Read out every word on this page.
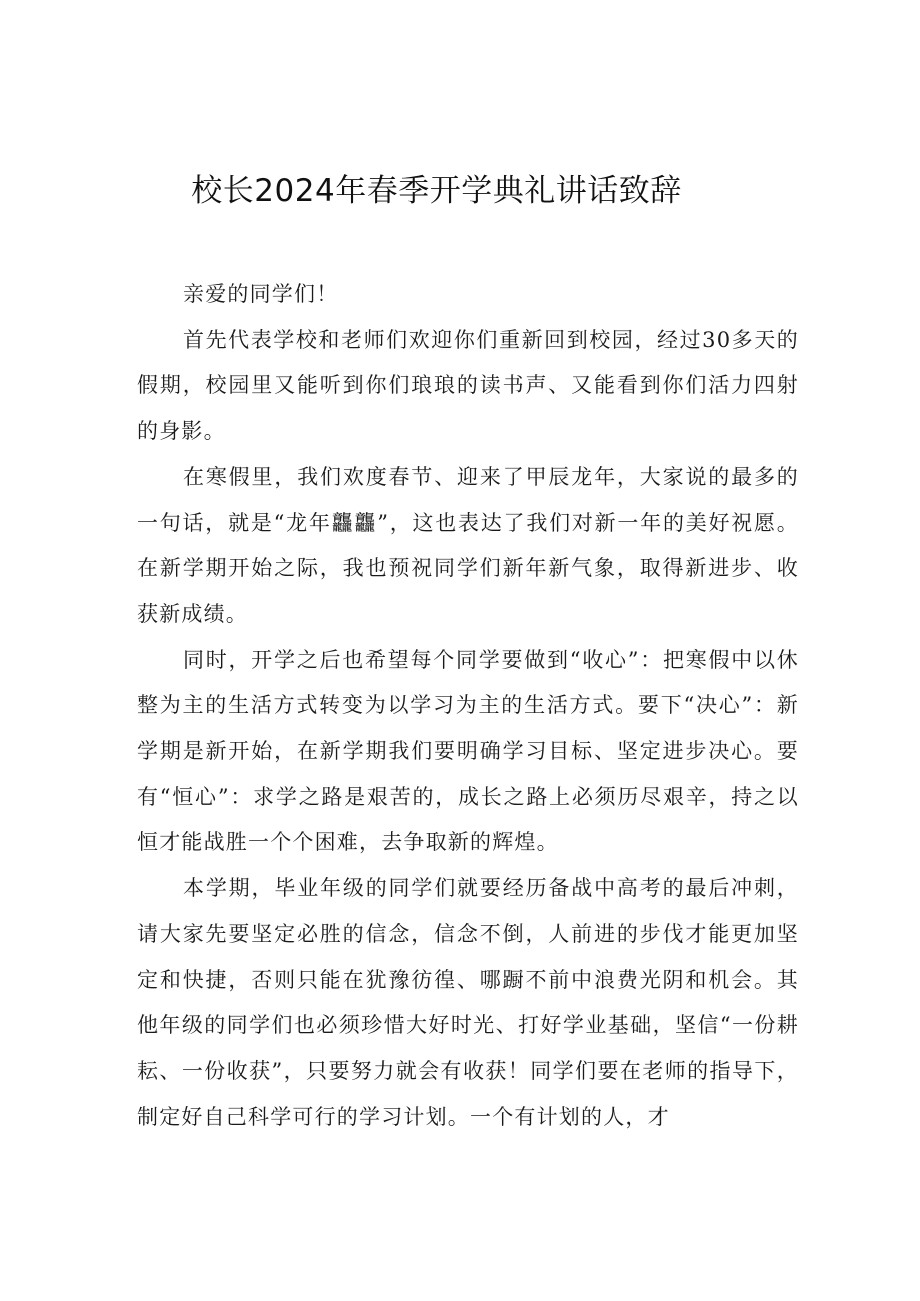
校长2024年春季开学典礼讲话致辞

亲爱的同学们！

首先代表学校和老师们欢迎你们重新回到校园，经过30多天的假期，校园里又能听到你们琅琅的读书声、又能看到你们活力四射的身影。

在寒假里，我们欢度春节、迎来了甲辰龙年，大家说的最多的一句话，就是“龙年龘龘”，这也表达了我们对新一年的美好祝愿。在新学期开始之际，我也预祝同学们新年新气象，取得新进步、收获新成绩。

同时，开学之后也希望每个同学要做到“收心”：把寒假中以休整为主的生活方式转变为以学习为主的生活方式。要下“决心”：新学期是新开始，在新学期我们要明确学习目标、坚定进步决心。要有“恒心”：求学之路是艰苦的，成长之路上必须历尽艰辛，持之以恒才能战胜一个个困难，去争取新的辉煌。

本学期，毕业年级的同学们就要经历备战中高考的最后冲刺，请大家先要坚定必胜的信念，信念不倒，人前进的步伐才能更加坚定和快捷，否则只能在犹豫彷徨、哪蹰不前中浪费光阴和机会。其他年级的同学们也必须珍惜大好时光、打好学业基础，坚信“一份耕耘、一份收获”，只要努力就会有收获！同学们要在老师的指导下，制定好自己科学可行的学习计划。一个有计划的人，才
